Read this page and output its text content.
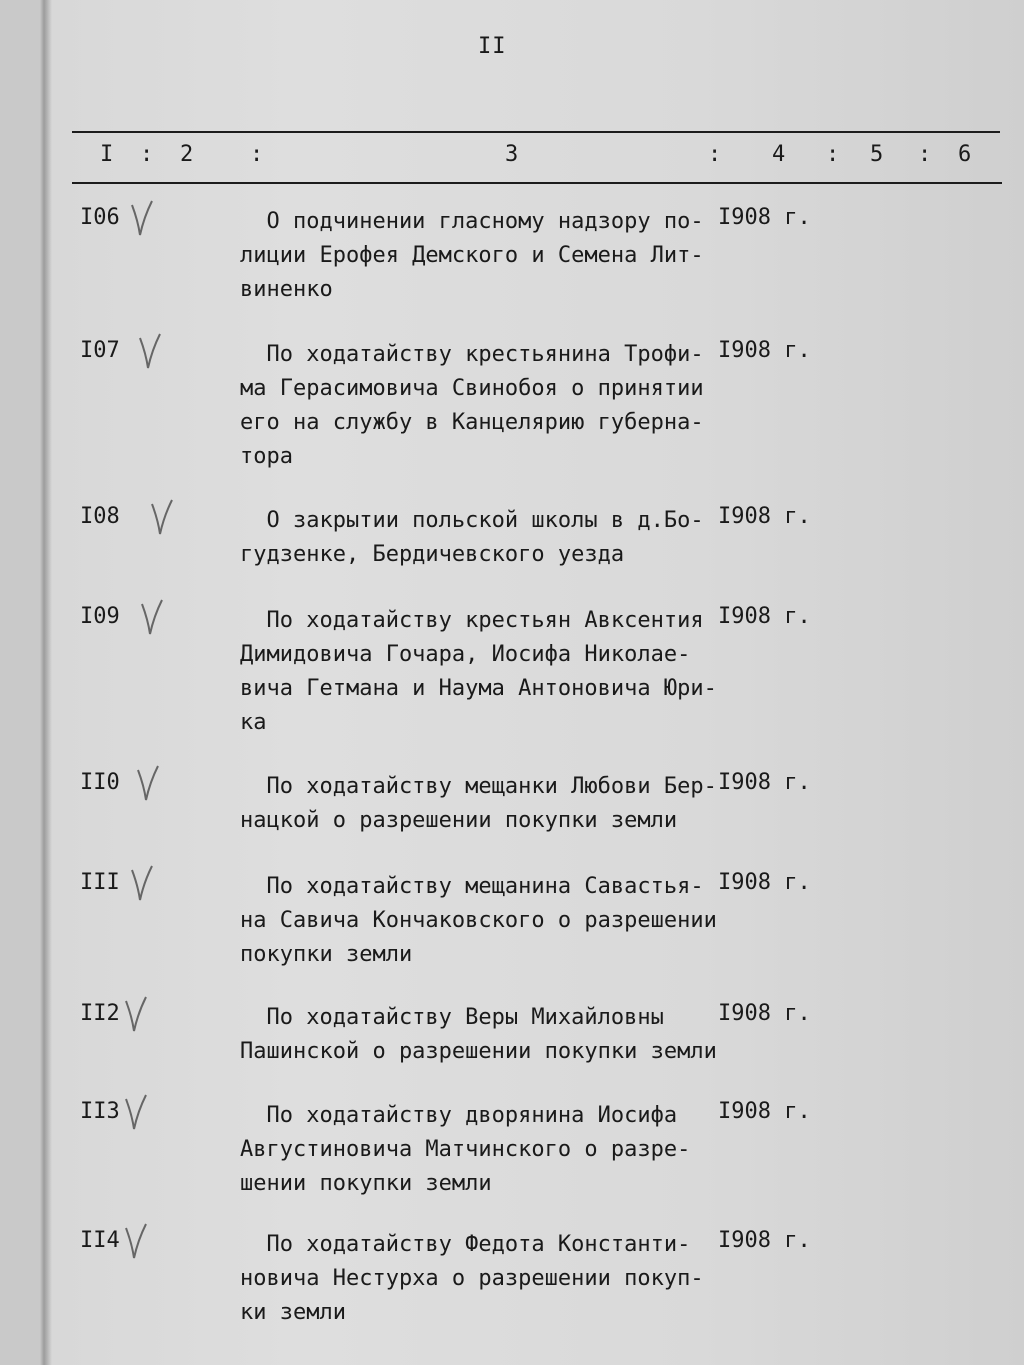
II
I : 2	:	3	: 4 : 5 : 6
I06	О подчинении гласному надзору по-
лиции Ерофея Демского и Семена Лит-
виненко
I908 г.
I07	По ходатайству крестьянина Трофи-
ма Герасимовича Свинобоя о принятии
его на службу в Канцелярию губерна-
тора
I908 г.
I08	О закрытии польской школы в д.Бо-
гудзенке, Бердичевского уезда
I908 г.
I09	По ходатайству крестьян Авксентия
Димидовича Гочара, Иосифа Николае-
вича Гетмана и Наума Антоновича Юри-
ка
I908 г.
II0	По ходатайству мещанки Любови Бер-
нацкой о разрешении покупки земли
I908 г.
III	По ходатайству мещанина Савастья-
на Савича Кончаковского о разрешении
покупки земли
I908 г.
II2	По ходатайству Веры Михайловны
Пашинской о разрешении покупки земли
I908 г.
II3	По ходатайству дворянина Иосифа
Августиновича Матчинского о разре-
шении покупки земли
I908 г.
II4	По ходатайству Федота Константи-
новича Нестурха о разрешении покуп-
ки земли
I908 г.
